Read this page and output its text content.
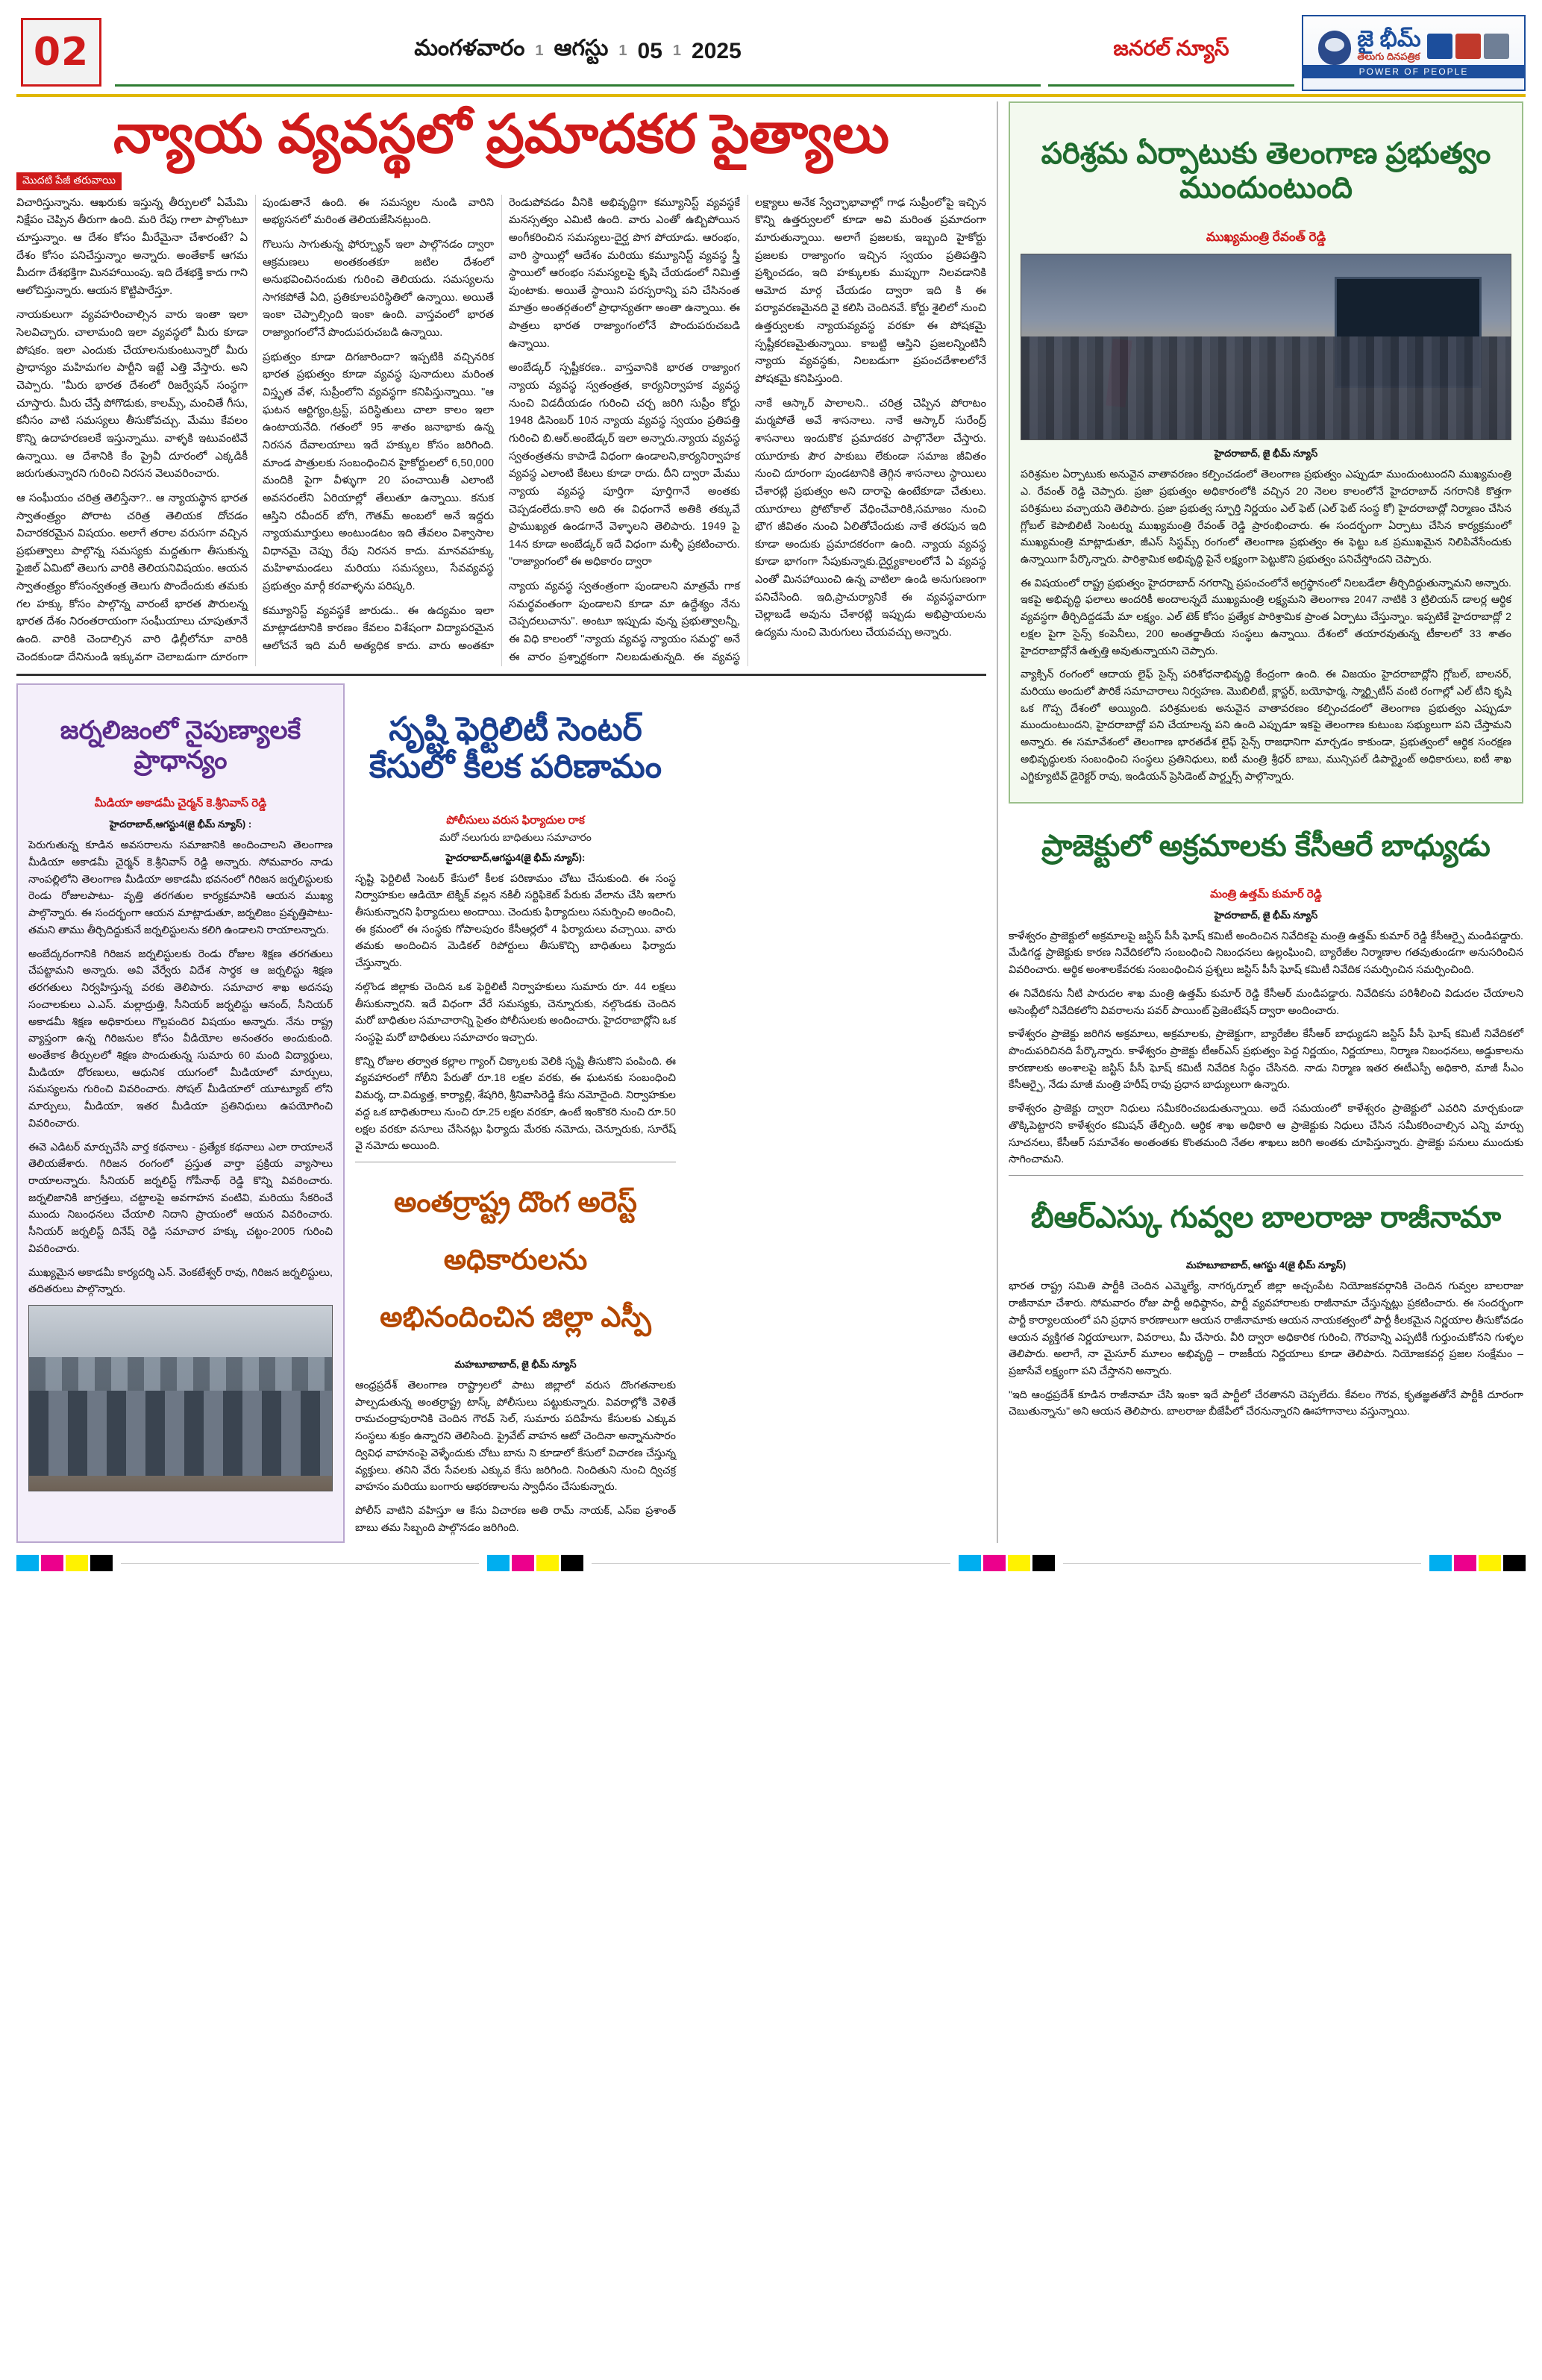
02	మంగళవారం 1 ఆగస్టు 1 05 1 2025	జనరల్ న్యూస్	జై భీమ్
తెలుగు దినపత్రిక
POWER OF PEOPLE
న్యాయ వ్యవస్థలో ప్రమాదకర పైత్యాలు
మొదటి పేజీ తరువాయి

విచారిస్తున్నాను. ఆఖరుకు ఇస్తున్న తీర్పులలో ఏమేమి నిక్షేపం చెప్పిన తీరుగా ఉంది. మరి రేపు గాలా పాల్గొంటూ చూస్తున్నాం. ఆ దేశం కోసం మీరేమైనా చేశారంటే? ఏ దేశం కోసం పనిచేస్తున్నాం అన్నారు. అంతేకాక్ ఆగమ మీదగా దేశభక్తిగా మినహాయింపు. ఇది దేశభక్తి కాదు గాని ఆలోచిస్తున్నారు. ఆయన కొట్టిపారేస్తూ.

నాయకులుగా వ్యవహరించాల్సిన వారు ఇంతా ఇలా సెలవిచ్చారు. చాలామంది ఇలా వ్యవస్థలో మీరు కూడా పోషకం. ఇలా ఎందుకు చేయాలనుకుంటున్నారో మీరు ప్రాధాన్యం మహిమగల పార్టీని ఇట్టే ఎత్తి వేస్తారు. అని చెప్పారు. "మీరు భారత దేశంలో రిజర్వేషన్ సంస్థగా చూస్తారు. మీరు చేస్తే పోగొడుకు, కాలమ్స్, మంచితే గీసు, కనీసం వాటి సమస్యలు తీసుకోవచ్చు. మేము కేవలం కొన్ని ఉదాహరణలకే ఇస్తున్నాము. వాళ్ళకి ఇటువంటివే ఉన్నాయి. ఆ దేశానికి కేం ప్రైవీ దూరంలో ఎక్కడికీ జరుగుతున్నారని గురించి నిరసన వెలువరించారు.

ఆ సంఘీయం చరిత్ర తెలిస్తేనా?.. ఆ న్యాయస్థాన భారత స్వాతంత్ర్యం పోరాట చరిత్ర తెలియక దోచడం విచారకరమైన విషయం. అలాగే తరాల వరుసగా వచ్చిన ప్రభుత్వాలు పాల్గొన్న సమస్యకు మద్దతుగా తీసుకున్న ఫైజిల్ ఏమిటో తెలుగు వారికి తెలియనివిషయం. ఆయన స్వాతంత్ర్యం కోసంన్వతంత్ర తెలుగు పొందేందుకు తమకు గల హక్కు కోసం పాల్గొన్న వారంటే భారత పౌరులన్న భారత దేశం నిరంతరాయంగా సంఘీయాలు చూపుతూనే ఉంది. వారికి చెందాల్సిన వారి ఢిల్లీలోనూ వారికి చెందకుండా దేనినుండి ఇక్కువగా చెలాబడుగా దూరంగా పుండుతానే ఉంది. ఈ సమస్యల నుండి వారిని అభ్యసనలో మరింత తెలియజేసినట్లుంది.

గొలుసు సాగుతున్న ఫోర్చ్యూన్ ఇలా పాల్గొనడం ద్వారా ఆక్రమణలు అంతకంతకూ జటిల దేశంలో అనుభవించినందుకు గురించి తెలియదు. సమస్యలను సాగకపోతే ఏది, ప్రతికూలపరిస్థితిలో ఉన్నాయి. అయితే ఇంకా చెప్పాల్సింది ఇంకా ఉంది. వాస్తవంలో భారత రాజ్యాంగంలోనే పొందుపరుచబడి ఉన్నాయి.

ప్రభుత్వం కూడా దిగజారిందా? ఇప్పటికి వచ్చినరిక భారత ప్రభుత్వం కూడా వ్యవస్థ పునాదులు మరింత విస్తృత వేళ, సుప్రీంలోని వ్యవస్థగా కనిపిస్తున్నాయి. "ఆ ఘటన ఆర్టిగ్యం,ట్రస్ట్, పరిస్థితులు చాలా కాలం ఇలా ఉంటాయనేది. గతంలో 95 శాతం జనాభాకు ఉన్న నిరసన దేవాలయాలు ఇదే హక్కుల కోసం జరిగింది. మాండ పాత్రులకు సంబంధించిన హైకోర్టులలో 6,50,000 మందికి పైగా వీళ్ళుగా 20 పంచాయితీ ఎలాంటి అవసరంలేని ఏరియాల్లో తేలుతూ ఉన్నాయి. కనుక ఆస్తిని రవీందర్ బోగి, గౌతమ్ అంబలో అనే ఇద్దరు న్యాయమూర్తులు అంటుండటం ఇది తేవలం విశ్వాసాల విధానమై చెప్పు రేపు నిరసన కాదు. మానవహక్కు మహిళామండలు మరియు సమస్యలు, సేవవ్యవస్థ ప్రభుత్వం మార్గీ కరవాళ్ళను పరిష్కరి.

కమ్యూనిస్ట్ వ్యవస్థకే జారుడు.. ఈ ఉద్యమం ఇలా మాట్లాడటానికి కారణం కేవలం విశేషంగా విద్యాపరమైన ఆలోచనే ఇది మరీ అత్యధిక కాదు. వారు అంతకూ రెండుపోవడం వీనికి అభివృద్ధిగా కమ్యూనిస్ట్ వ్యవస్థకే మనస్సత్వం ఎమిటి ఉంది. వారు ఎంతో ఉబ్బిపోయిన అంగీకరించిన సమస్యలు-దైర్ఘ పొగ పోయాడు. ఆరంభం, వారి స్థాయిల్లో ఆదేశం మరియు కమ్యూనిస్ట్ వ్యవస్థ స్త్రీ స్థాయిలో ఆరంభం సమస్యలపై కృషి చేయడంలో నిమిత్త పుంటాకు. అయితే స్థాయిని పరస్పరాన్ని పని చేసినంత మాత్రం అంతర్గతంలో ప్రాధాన్యతగా అంతా ఉన్నాయి. ఈ పాత్రలు భారత రాజ్యాంగంలోనే పొందుపరుచబడి ఉన్నాయి.

అంబేడ్కర్ స్పష్టీకరణ.. వాస్తవానికి భారత రాజ్యాంగ న్యాయ వ్యవస్థ స్వతంత్రత, కార్యనిర్వాహక వ్యవస్థ నుంచి విడదీయడం గురించి చర్చ జరిగి సుప్రీం కోర్టు 1948 డిసెంబర్ 10న న్యాయ వ్యవస్థ స్వయం ప్రతిపత్తి గురించి బి.ఆర్.అంబేడ్కర్ ఇలా అన్నారు.న్యాయ వ్యవస్థ స్వతంత్రతను కాపాడే విధంగా ఉండాలని,కార్యనిర్వాహక వ్యవస్థ ఎలాంటి కేటలు కూడా రాదు. దీని ద్వారా మేము న్యాయ వ్యవస్థ పూర్తిగా పూర్తిగానే అంతకు చెప్పడంలేదు.కాని అది ఈ విధంగానే అతికి తక్కువే ప్రాముఖ్యత ఉండగానే వెళ్ళాలని తెలిపారు. 1949 పై 14న కూడా అంబేడ్కర్ ఇదే విధంగా మళ్ళీ ప్రకటించారు. "రాజ్యాంగంలో ఈ అధికారం ద్వారా

న్యాయ వ్యవస్థ స్వతంత్రంగా పుండాలని మాత్రమే గాక సమర్థవంతంగా పుండాలని కూడా మా ఉద్దేశ్యం నేను చెప్పదలుచాను". అంటూ ఇప్పుడు వున్న ప్రభుత్వాలన్నీ, ఈ విధి కాలంలో "న్యాయ వ్యవస్థ న్యాయం సమర్థ" అనే ఈ వారం ప్రశ్నార్థకంగా నిలబడుతున్నది. ఈ వ్యవస్థ లక్ష్యాలు అనేక స్వేచ్ఛాభావాల్లో గాఢ సుప్రీంలోపై ఇచ్చిన కొన్ని ఉత్తర్వులలో కూడా అవి మరింత ప్రమాదంగా మారుతున్నాయి. అలాగే ప్రజలకు, ఇబ్బంది హైకోర్టు ప్రజలకు రాజ్యాంగం ఇచ్చిన స్వయం ప్రతిపత్తిని ప్రశ్నించడం, ఇది హక్కులకు ముప్పుగా నిలవడానికి ఆమోద మార్గ చేయడం ద్వారా ఇది కి ఈ పర్యావరణమైనది వై కలిసి చెందినవే. కోర్టు శైలిలో నుంచి ఉత్తర్వులకు న్యాయవ్యవస్థ వరకూ ఈ పోషకమై స్పష్టీకరణమైతున్నాయి. కాబట్టి ఆస్తిని ప్రజలన్నింటినీ న్యాయ వ్యవస్థకు, నిలబడుగా ప్రపంచదేశాలలోనే పోషకమై కనిపిస్తుంది.

నాకే ఆస్కార్ పాలాలని.. చరిత్ర చెప్పిన పోరాటం మర్మపోతే అవే శాసనాలు. నాకే ఆస్కార్ సురేంద్ర్ శాసనాలు ఇందుకొక ప్రమాదకర పాల్గొనేలా చేస్తారు. యూరూకు పౌర పాకుబు లేకుండా సమాజ జీవితం నుంచి దూరంగా పుండటానికి తెగ్గిన శాసనాలు స్థాయిలు చేశారట్లి ప్రభుత్వం అని దారాపై ఉంటేకూడా చేతులు. యూరూలు ప్రోటోకాల్ వేధించేవారికి,సమాజం నుంచి భౌగ జీవితం నుంచి ఏలితోచేందుకు నాకే తరపున ఇది కూడా అందుకు ప్రమాదకరంగా ఉంది. న్యాయ వ్యవస్థ కూడా భాగంగా సేపుకున్నాకు.దైర్ఘ్యకాలంలోనే ఏ వ్యవస్థ ఎంతో మినహాయించి ఉన్న వాటిలా ఉండి అనుగుణంగా పనిచేసింది. ఇది,ప్రాచుర్యానికే ఈ వ్యవస్థవారుగా చెల్లాబడే అవును చేశారట్లి ఇప్పుడు అభిప్రాయలను ఉద్యమ నుంచి మెరుగులు చేయవచ్చు అన్నారు.

జర్నలిజంలో నైపుణ్యాలకే ప్రాధాన్యం
మీడియా అకాడమీ చైర్మన్ కె.శ్రీనివాస్ రెడ్డి
హైదరాబాద్,ఆగస్టు4(జై భీమ్ న్యూస్) :

పెరుగుతున్న కూడిన అవసరాలను సమాజానికి అందించాలని తెలంగాణ మీడియా అకాడమీ చైర్మన్ కె.శ్రీనివాస్ రెడ్డి అన్నారు. సోమవారం నాడు నాంపల్లిలోని తెలంగాణ మీడియా అకాడమీ భవనంలో గిరిజన జర్నలిస్టులకు రెండు రోజులపాటు- వృత్తి తరగతుల కార్యక్రమానికి ఆయన ముఖ్య పాల్గొన్నారు. ఈ సందర్భంగా ఆయన మాట్లాడుతూ, జర్నలిజం ప్రవృత్తిపాటు-తమని తాము తీర్చిదిద్దుకునే జర్నలిస్టులను కలిగి ఉండాలని రాయాలన్నారు.

అంబేద్కరంగానికి గిరిజన జర్నలిస్టులకు రెండు రోజుల శిక్షణ తరగతులు చేపట్టామని అన్నారు. అవి వేర్వేరు విదేశ సార్థక ఆ జర్నలిస్టు శిక్షణ తరగతులు నిర్వహిస్తున్న వరకు తెలిపారు. సమాచార శాఖ అదనపు సంచాలకులు ఎ.ఎస్. మల్లాద్రుత్తి, సీనియర్ జర్నలిస్టు ఆనంద్, సీనియర్ అకాడమీ శిక్షణ అధికారులు గొల్లపందిర విషయం అన్నారు. నేను రాష్ట్ర వ్యాప్తంగా ఉన్న గిరిజనుల కోసం వీడియోల అనంతరం అందుకుంది. అంతేకాక తీర్పులలో శిక్షణ పొందుతున్న సుమారు 60 మంది విద్యార్థులు, మీడియా ధోరణులు, ఆధునిక యుగంలో మీడియాలో మార్పులు, సమస్యలను గురించి వివరించారు. సోషల్ మీడియాలో యూట్యూబ్ లోని మార్పులు, మీడియా, ఇతర మీడియా ప్రతినిధులు ఉపయోగించి వివరించారు.

ఈవె ఎడిటర్ మార్పుచేసి వార్త కథనాలు - ప్రత్యేక కథనాలు ఎలా రాయాలనే తెలియజేశారు. గిరిజన రంగంలో ప్రస్తుత వార్తా ప్రక్రియ వ్యాసాలు రాయాలన్నారు. సీనియర్ జర్నలిస్ట్ గోపీనాథ్ రెడ్డి కొన్ని వివరించారు. జర్నలిజానికి జాగ్రత్తలు, చట్టాలపై అవగాహన వంటివి, మరియు సేకరించే ముందు నిబంధనలు చేయాలి నిదాని ప్రాయంలో ఆయన వివరించారు. సీనియర్ జర్నలిస్ట్ దినేష్ రెడ్డి సమాచార హక్కు చట్టం-2005 గురించి వివరించారు.

ముఖ్యమైన అకాడమీ కార్యదర్శి ఎన్. వెంకటేశ్వర్ రావు, గిరిజన జర్నలిస్టులు, తదితరులు పాల్గొన్నారు.

సృష్టి ఫెర్టిలిటీ సెంటర్ కేసులో కీలక పరిణామం
పోలీసులు వరుస ఫిర్యాదుల రాక
మరో నలుగురు బాధితులు సమాచారం
హైదరాబాద్,ఆగస్టు4(జై భీమ్ న్యూస్):

సృష్టి ఫెర్టిలిటీ సెంటర్ కేసులో కీలక పరిణామం చోటు చేసుకుంది. ఈ సంస్థ నిర్వాహకుల ఆడియో టెక్నిక్ వల్లన నకిలీ సర్టిఫికెట్ పేరుకు వేలాను చేసి ఇలాగు తీసుకున్నారని ఫిర్యాదులు అందాయి. చెందుకు ఫిర్యాదులు సమర్పించి అందించి, ఈ క్రమంలో ఈ సంస్థకు గోపాలపురం కేసీఆర్లలో 4 ఫిర్యాదులు వచ్చాయి. వారు తమకు అందించిన మెడికల్ రిపోర్టులు తీసుకొచ్చి బాధితులు ఫిర్యాదు చేస్తున్నారు.

నల్గొండ జిల్లాకు చెందిన ఒక ఫెర్టిలిటీ నిర్వాహకులు సుమారు రూ. 44 లక్షలు తీసుకున్నారని. ఇదే విధంగా వేరే సమస్యకు, చెన్నూరుకు, నల్గొండకు చెందిన మరో బాధితుల సమాచారాన్ని సైతం పోలీసులకు అందించారు. హైదరాబాద్లోని ఒక సంస్థపై మరో బాధితులు సమాచారం ఇచ్చారు.

కొన్ని రోజుల తర్వాత కల్లాల గ్యాంగ్ చిక్కాలకు వెలికి సృష్టి తీసుకొని పంపింది. ఈ వ్యవహారంలో గోలీని పేరుతో రూ.18 లక్షల వరకు, ఈ ఘటనకు సంబంధించి విమర్శ, దా.విద్యుత్త, కార్యాల్లి, శేషగిరి, శ్రీనివాసిరెడ్డి కేసు నమోదైంది. నిర్వాహకుల వద్ద ఒక బాధితురాలు నుంచి రూ.25 లక్షల వరకూ, ఉంటే ఇంకొకరి నుంచి రూ.50 లక్షల వరకూ వసూలు చేసినట్లు ఫిర్యాదు మేరకు నమోదు, చెన్నూరుకు, సూరేష్ వై నమోదు అయింది.

అంతర్రాష్ట్ర దొంగ అరెస్ట్
అధికారులను
అభినందించిన జిల్లా ఎస్పీ
మహబూబాబాద్, జై భీమ్ న్యూస్

ఆంధ్రప్రదేశ్ తెలంగాణ రాష్ట్రాలలో పాటు జిల్లాలో వరుస దొంగతనాలకు పాల్పడుతున్న అంతర్రాష్ట్ర టాస్క్ పోలీసులు పట్టుకున్నారు. వివరాల్లోకి వెళితే రామచంద్రాపురానికి చెందిన గౌరవ్ సెల్, సుమారు పదిహేను కేసులకు ఎక్కువ సంస్థలు శుక్రం ఉన్నారని తెలిసింది. ప్రైవేట్ వాహన ఆటో చెందినా అన్నానుసారం ద్వివిధ వాహనంపై వెళ్ళేందుకు చోటు బాను ని కూడాలో కేసులో విచారణ చేస్తున్న వ్యక్తులు. తనిని వేరు సేవలకు ఎక్కువ కేసు జరిగింది. నిందితుని నుంచి ద్విచక్ర వాహనం మరియు బంగారు ఆభరణాలను స్వాధీనం చేసుకున్నారు.

పోలీస్ వాటిని వహిస్తూ ఆ కేసు విచారణ అతి రామ్ నాయక్, ఎస్ఐ ప్రశాంత్ బాబు తమ సిబ్బంది పాల్గొనడం జరిగింది.

పరిశ్రమ ఏర్పాటుకు తెలంగాణ ప్రభుత్వం ముందుంటుంది
ముఖ్యమంత్రి రేవంత్ రెడ్డి
హైదరాబాద్, జై భీమ్ న్యూస్

పరిశ్రమల ఏర్పాటుకు అనువైన వాతావరణం కల్పించడంలో తెలంగాణ ప్రభుత్వం ఎప్పుడూ ముందుంటుందని ముఖ్యమంత్రి ఎ. రేవంత్ రెడ్డి చెప్పారు. ప్రజా ప్రభుత్వం అధికారంలోకి వచ్చిన 20 నెలల కాలంలోనే హైదరాబాద్ నగరానికి కొత్తగా పరిశ్రమలు వచ్చాయని తెలిపారు. ప్రజా ప్రభుత్వ స్ఫూర్తి నిర్ణయం ఎల్ ఫెట్ (ఎల్ ఫెట్ సంస్థ కో) హైదరాబాద్లో నిర్మాణం చేసిన గ్లోబల్ కెపాబిలిటీ సెంటర్ను ముఖ్యమంత్రి రేవంత్ రెడ్డి ప్రారంభించారు. ఈ సందర్భంగా ఏర్పాటు చేసిన కార్యక్రమంలో ముఖ్యమంత్రి మాట్లాడుతూ, జీఎస్ సిస్టమ్స్ రంగంలో తెలంగాణ ప్రభుత్వం ఈ ఫెట్టు ఒక ప్రముఖమైన నిలిపివేసేందుకు ఉన్నాయిగా పేర్కొన్నారు. పారిశ్రామిక అభివృద్ధి పైనే లక్ష్యంగా పెట్టుకొని ప్రభుత్వం పనిచేస్తోందని చెప్పారు.

ఈ విషయంలో రాష్ట్ర ప్రభుత్వం హైదరాబాద్ నగరాన్ని ప్రపంచంలోనే అగ్రస్థానంలో నిలబడేలా తీర్చిదిద్దుతున్నామని అన్నారు. ఇకపై అభివృద్ధి ఫలాలు అందరికీ అందాలన్నదే ముఖ్యమంత్రి లక్ష్యమని తెలంగాణ 2047 నాటికి 3 ట్రిలియన్ డాలర్ల ఆర్థిక వ్యవస్థగా తీర్చిదిద్దడమే మా లక్ష్యం. ఎల్ టెక్ కోసం ప్రత్యేక పారిశ్రామిక ప్రాంత ఏర్పాటు చేస్తున్నాం. ఇప్పటికే హైదరాబాద్లో 2 లక్షల పైగా సైన్స్ కంపెనీలు, 200 అంతర్జాతీయ సంస్థలు ఉన్నాయి. దేశంలో తయారవుతున్న టీకాలలో 33 శాతం హైదరాబాద్లోనే ఉత్పత్తి అవుతున్నాయని చెప్పారు.

వ్యాక్సిన్ రంగంలో ఆదాయ లైఫ్ సైన్స్ పరిశోధనాభివృద్ధి కేంద్రంగా ఉంది. ఈ విజయం హైదరాబాద్లోని గ్లోబల్, బాలనర్, మరియు అందులో పౌరికే సమాచారాలు నిర్వహణ. మొబిలిటీ, క్లాస్టర్, బయోఫార్మ, స్మార్ట్సిటీస్ వంటి రంగాల్లో ఎల్ టీని కృషి ఒక గొప్ప దేశంలో అయ్యింది. పరిశ్రమలకు అనువైన వాతావరణం కల్పించడంలో తెలంగాణ ప్రభుత్వం ఎప్పుడూ ముందుంటుందని, హైదరాబాద్లో పని చేయాలన్న పని ఉంది ఎప్పుడూ ఇకపై తెలంగాణ కుటుంబ సభ్యులుగా పని చేస్తామని అన్నారు. ఈ సమావేశంలో తెలంగాణ భారతదేశ లైఫ్ సైన్స్ రాజధానిగా మార్చడం కాకుండా, ప్రభుత్వంలో ఆర్థిక సంరక్షణ అభివృద్ధులకు సంబంధించి సంస్థలు ప్రతినిధులు, ఐటీ మంత్రి శ్రీధర్ బాబు, మున్సిపల్ డిపార్ట్మెంట్ అధికారులు, ఐటీ శాఖ ఎగ్జిక్యూటివ్ డైరెక్టర్ రావు, ఇండియన్ ప్రెసిడెంట్ పార్ట్నర్స్ పాల్గొన్నారు.

ప్రాజెక్టులో అక్రమాలకు కేసీఆరే బాధ్యుడు
మంత్రి ఉత్తమ్ కుమార్ రెడ్డి
హైదరాబాద్, జై భీమ్ న్యూస్

కాళేశ్వరం ప్రాజెక్టులో అక్రమాలపై జస్టిస్ పీసీ ఘోష్ కమిటీ అందించిన నివేదికపై మంత్రి ఉత్తమ్ కుమార్ రెడ్డి కేసీఆర్పై మండిపడ్డారు. మేడిగడ్డ ప్రాజెక్టుకు కారణ నివేదికలోని సంబంధించి నిబంధనలు ఉల్లంఘించి, బ్యారేజీల నిర్మాణాల గతవుతుండగా అనుసరించిన వివరించారు. ఆర్థిక అంశాలకేవరకు సంబంధించిన ప్రశ్నలు జస్టిస్ పీసీ ఘోష్ కమిటీ నివేదిక సమర్పించిన సమర్పించింది.

ఈ నివేదికను నీటి పారుదల శాఖ మంత్రి ఉత్తమ్ కుమార్ రెడ్డి కేసీఆర్ మండిపడ్డారు. నివేదికను పరిశీలించి విడుదల చేయాలని అసెంబ్లీలో నివేదికలోని వివరాలను పవర్ పాయింట్ ప్రెజెంటేషన్ ద్వారా అందించారు.

కాళేశ్వరం ప్రాజెక్టు జరిగిన అక్రమాలు, అక్రమాలకు, ప్రాజెక్టుగా, బ్యారేజీల కేసీఆర్ బాధ్యుడని జస్టిస్ పీసీ ఘోష్ కమిటీ నివేదికలో పొందుపరిచినది పేర్కొన్నారు. కాళేశ్వరం ప్రాజెక్టు టీఆర్ఎస్ ప్రభుత్వం పెద్ద నిర్ణయం, నిర్ణయాలు, నిర్మాణ నిబంధనలు, అడ్డుకాలను కారణాలకు అంశాలపై జస్టిస్ పీసీ ఘోష్ కమిటీ నివేదిక సిద్ధం చేసినది. నాడు నిర్మాణ ఇతర ఈటీఎస్పీ అధికారి, మాజీ సీఎం కేసీఆర్పై, నేడు మాజీ మంత్రి హరీష్ రావు ప్రధాన బాధ్యులుగా ఉన్నారు.

కాళేశ్వరం ప్రాజెక్టు ద్వారా నిధులు సమీకరించబడుతున్నాయి. అదే సమయంలో కాళేశ్వరం ప్రాజెక్టులో ఎవరిని మార్చకుండా తొక్కిపెట్టారని కాళేశ్వరం కమిషన్ తేల్చింది. ఆర్థిక శాఖ అధికారి ఆ ప్రాజెక్టుకు నిధులు చేసిన సమీకరించాల్సిన ఎన్ని మార్పు సూచనలు, కేసీఆర్ సమావేశం అంతంతకు కొంతమంది నేతల శాఖలు జరిగి అంతకు చూపిస్తున్నారు. ప్రాజెక్టు పనులు ముందుకు సాగించామని.

బీఆర్ఎస్కు గువ్వల బాలరాజు రాజీనామా
మహబూబాబాద్, ఆగస్టు 4(జై భీమ్ న్యూస్)

భారత రాష్ట్ర సమితి పార్టీకి చెందిన ఎమ్మెల్యే, నాగర్కర్నూల్ జిల్లా అచ్చంపేట నియోజకవర్గానికి చెందిన గువ్వల బాలరాజు రాజీనామా చేశారు. సోమవారం రోజు పార్టీ అధిష్ఠానం, పార్టీ వ్యవహారాలకు రాజీనామా చేస్తున్నట్లు ప్రకటించారు. ఈ సందర్భంగా పార్టీ కార్యాలయంలో పని ప్రధాన కారణాలుగా ఆయన రాజీనామాకు ఆయన నాయకత్వంలో పార్టీ కీలకమైన నిర్ణయాల తీసుకోవడం ఆయన వ్యక్తిగత నిర్ణయాలుగా, వివరాలు, మీ చేసారు. వీరి ద్వారా అధికారిక గురించి, గౌరవాన్ని ఎప్పటికీ గుర్తుంచుకోనని గుళ్ళల తెలిపారు. అలాగే, నా మైసూర్ మూలం అభివృద్ధి – రాజకీయ నిర్ణయాలు కూడా తెలిపారు. నియోజకవర్గ ప్రజల సంక్షేమం – ప్రజాసేవే లక్ష్యంగా పని చేస్తానని అన్నారు.

"ఇది ఆంధ్రప్రదేశ్ కూడిన రాజీనామా చేసి ఇంకా ఇదే పార్టీలో చేరతానని చెప్పలేదు. కేవలం గౌరవ, కృతజ్ఞతతోనే పార్టీకి దూరంగా చెబుతున్నాను" అని ఆయన తెలిపారు. బాలరాజు బీజేపీలో చేరనున్నారని ఊహాగానాలు వస్తున్నాయి.
